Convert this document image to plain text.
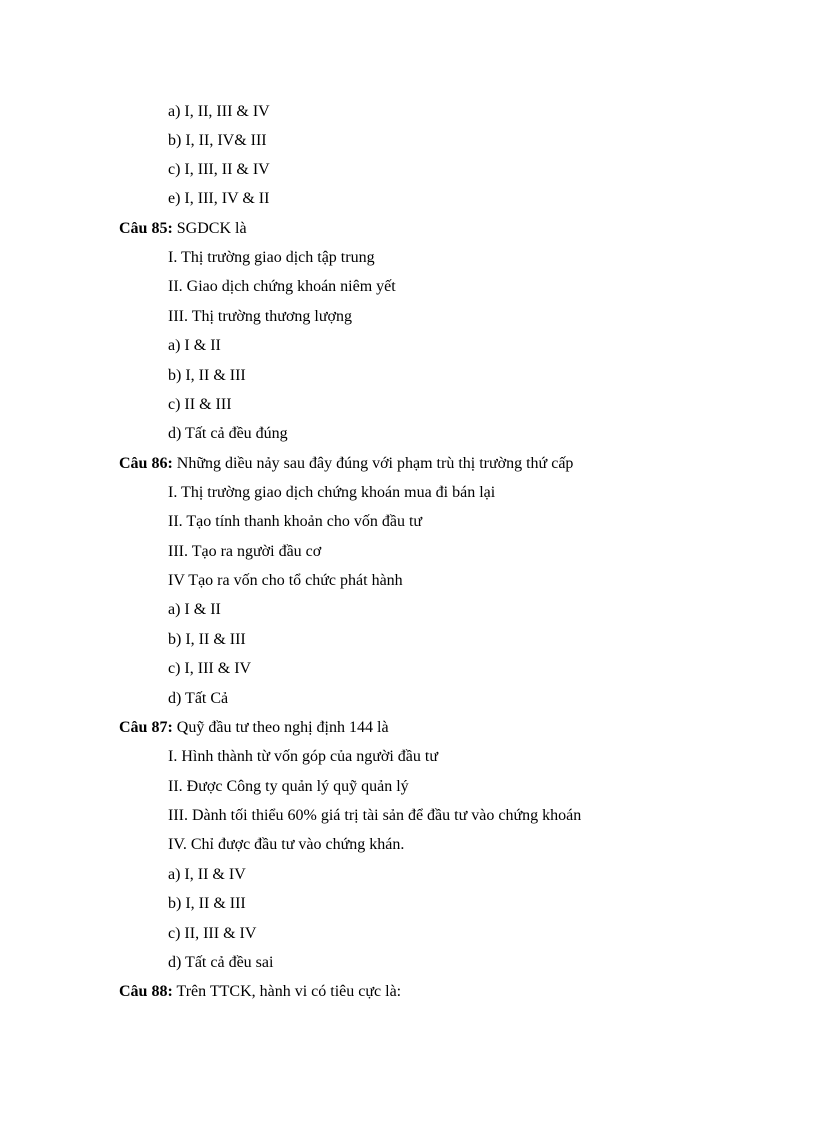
a) I, II, III & IV
b) I, II, IV& III
c) I, III, II & IV
e) I, III, IV & II
Câu 85: SGDCK là
I. Thị trường giao dịch tập trung
II. Giao dịch chứng khoán niêm yết
III. Thị trường thương lượng
a) I & II
b) I, II & III
c) II & III
d) Tất cả đều đúng
Câu 86: Những diều nảy sau đây đúng với phạm trù thị trường thứ cấp
I. Thị trường giao dịch chứng khoán mua đi bán lại
II. Tạo tính thanh khoản cho vốn đầu tư
III. Tạo ra người đầu cơ
IV Tạo ra vốn cho tổ chức phát hành
a) I & II
b) I, II & III
c) I, III & IV
d) Tất Cả
Câu 87: Quỹ đầu tư theo nghị định 144 là
I. Hình thành từ vốn góp của người đầu tư
II. Được Công ty quản lý quỹ quản lý
III. Dành tối thiểu 60% giá trị tài sản để đầu tư vào chứng khoán
IV. Chỉ được đầu tư vào chứng khán.
a) I, II & IV
b) I, II & III
c) II, III & IV
d) Tất cả đều sai
Câu 88: Trên TTCK, hành vi có tiêu cực là:
